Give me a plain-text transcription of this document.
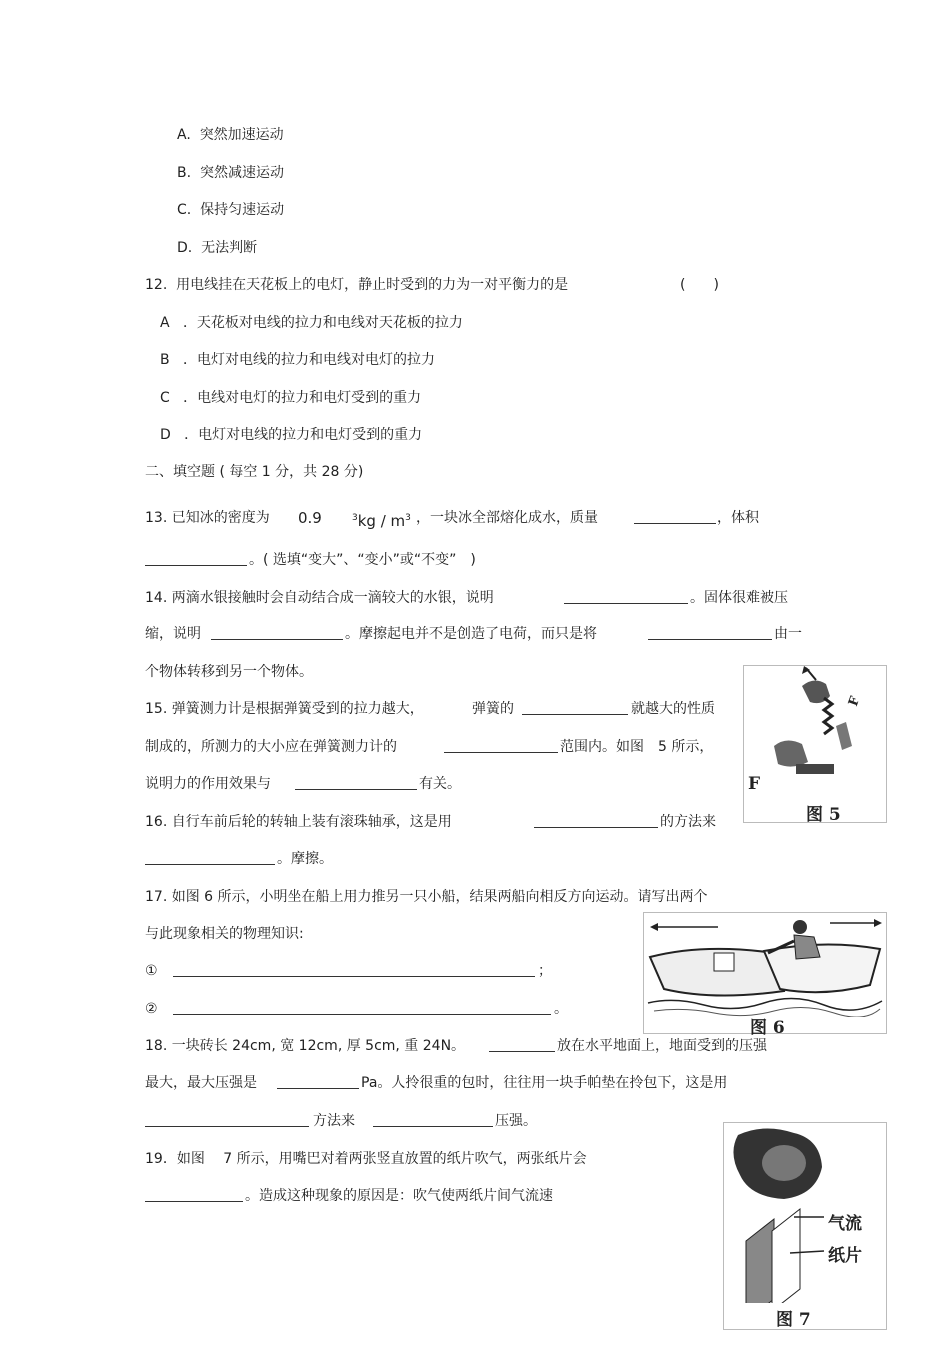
A. 突然加速运动
B. 突然减速运动
C. 保持匀速运动
D. 无法判断
12. 用电线挂在天花板上的电灯，静止时受到的力为一对平衡力的是	(　　)
A ．天花板对电线的拉力和电线对天花板的拉力
B ．电灯对电线的拉力和电线对电灯的拉力
C ．电线对电灯的拉力和电灯受到的重力
D ．电灯对电线的拉力和电灯受到的重力
二、填空题 ( 每空 1 分，共 28 分)
13. 已知冰的密度为 0.9	$^3kg / m^3$ ，一块冰全部熔化成水，质量	，体积
。( 选填“变大”、“变小”或“不变”　)
14. 两滴水银接触时会自动结合成一滴较大的水银，说明	。固体很难被压
缩，说明	。摩擦起电并不是创造了电荷，而只是将	由一
个物体转移到另一个物体。
15. 弹簧测力计是根据弹簧受到的拉力越大，	弹簧的	就越大的性质
制成的，所测力的大小应在弹簧测力计的	范围内。如图　5 所示，
说明力的作用效果与	有关。
16. 自行车前后轮的转轴上装有滚珠轴承，这是用	的方法来
。摩擦。
17. 如图 6 所示，小明坐在船上用力推另一只小船，结果两船向相反方向运动。请写出两个
与此现象相关的物理知识:
①	；
②	。
18. 一块砖长 24cm, 宽 12cm, 厚 5cm, 重 24N。	放在水平地面上，地面受到的压强
最大，最大压强是	Pa。人拎很重的包时，往往用一块手帕垫在拎包下，这是用
方法来	压强。
19．如图　 7 所示，用嘴巴对着两张竖直放置的纸片吹气，两张纸片会
。造成这种现象的原因是：吹气使两纸片间气流速
F
F
图 5
图 6
气流
纸片
图 7
